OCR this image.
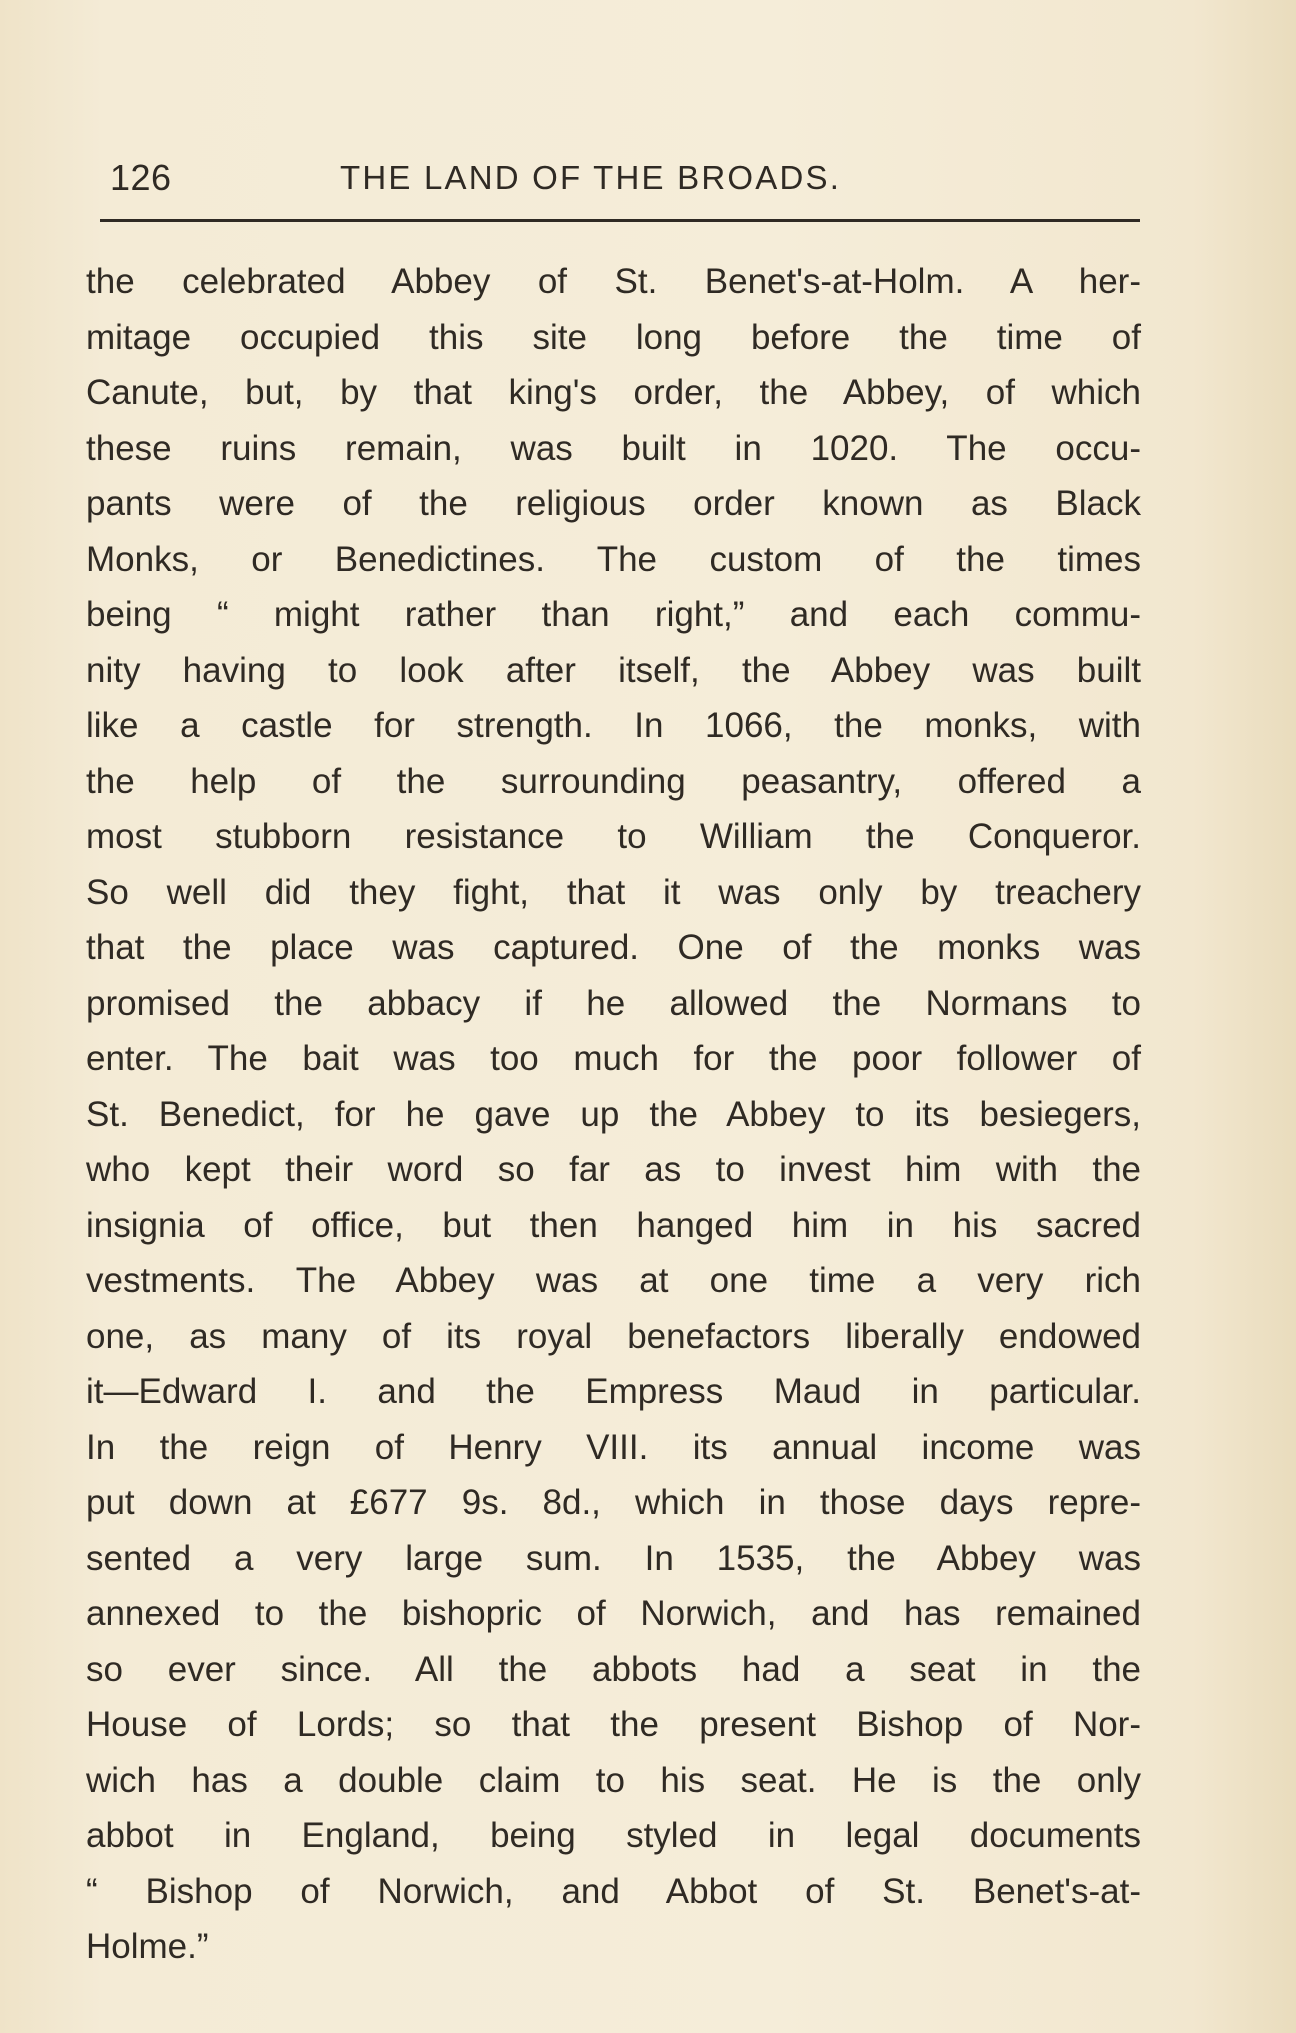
126	THE LAND OF THE BROADS.
the celebrated Abbey of St. Benet's-at-Holm. A her-
mitage occupied this site long before the time of
Canute, but, by that king's order, the Abbey, of which
these ruins remain, was built in 1020. The occu-
pants were of the religious order known as Black
Monks, or Benedictines. The custom of the times
being “ might rather than right,” and each commu-
nity having to look after itself, the Abbey was built
like a castle for strength. In 1066, the monks, with
the help of the surrounding peasantry, offered a
most stubborn resistance to William the Conqueror.
So well did they fight, that it was only by treachery
that the place was captured. One of the monks was
promised the abbacy if he allowed the Normans to
enter. The bait was too much for the poor follower of
St. Benedict, for he gave up the Abbey to its besiegers,
who kept their word so far as to invest him with the
insignia of office, but then hanged him in his sacred
vestments. The Abbey was at one time a very rich
one, as many of its royal benefactors liberally endowed
it—Edward I. and the Empress Maud in particular.
In the reign of Henry VIII. its annual income was
put down at £677 9s. 8d., which in those days repre-
sented a very large sum. In 1535, the Abbey was
annexed to the bishopric of Norwich, and has remained
so ever since. All the abbots had a seat in the
House of Lords; so that the present Bishop of Nor-
wich has a double claim to his seat. He is the only
abbot in England, being styled in legal documents
“ Bishop of Norwich, and Abbot of St. Benet's-at-
Holme.”
